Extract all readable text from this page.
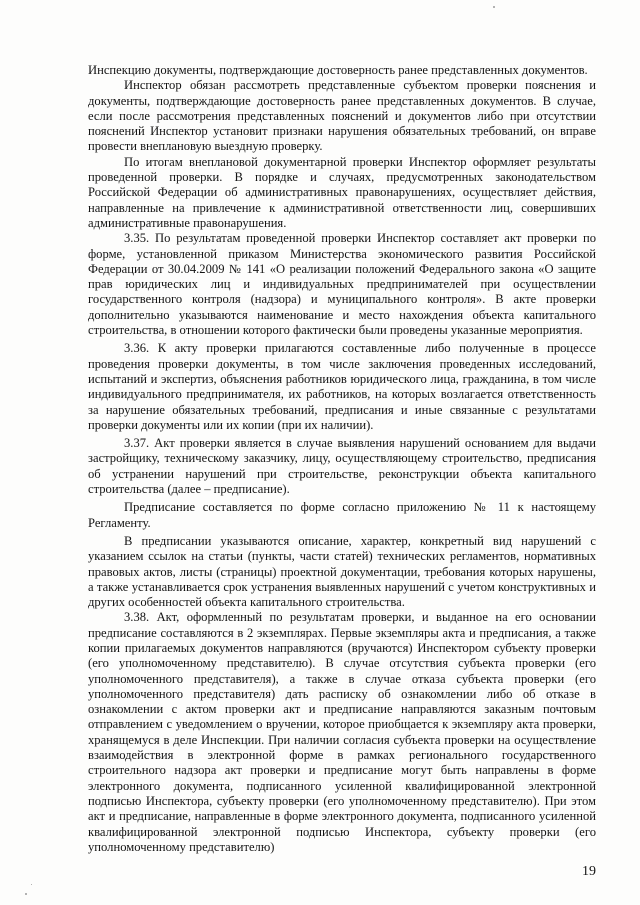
Инспекцию документы, подтверждающие достоверность ранее представленных документов.

Инспектор обязан рассмотреть представленные субъектом проверки пояснения и документы, подтверждающие достоверность ранее представленных документов. В случае, если после рассмотрения представленных пояснений и документов либо при отсутствии пояснений Инспектор установит признаки нарушения обязательных требований, он вправе провести внеплановую выездную проверку.

По итогам внеплановой документарной проверки Инспектор оформляет результаты проведенной проверки. В порядке и случаях, предусмотренных законодательством Российской Федерации об административных правонарушениях, осуществляет действия, направленные на привлечение к административной ответственности лиц, совершивших административные правонарушения.

3.35. По результатам проведенной проверки Инспектор составляет акт проверки по форме, установленной приказом Министерства экономического развития Российской Федерации от 30.04.2009 № 141 «О реализации положений Федерального закона «О защите прав юридических лиц и индивидуальных предпринимателей при осуществлении государственного контроля (надзора) и муниципального контроля». В акте проверки дополнительно указываются наименование и место нахождения объекта капитального строительства, в отношении которого фактически были проведены указанные мероприятия.

3.36. К акту проверки прилагаются составленные либо полученные в процессе проведения проверки документы, в том числе заключения проведенных исследований, испытаний и экспертиз, объяснения работников юридического лица, гражданина, в том числе индивидуального предпринимателя, их работников, на которых возлагается ответственность за нарушение обязательных требований, предписания и иные связанные с результатами проверки документы или их копии (при их наличии).

3.37. Акт проверки является в случае выявления нарушений основанием для выдачи застройщику, техническому заказчику, лицу, осуществляющему строительство, предписания об устранении нарушений при строительстве, реконструкции объекта капитального строительства (далее – предписание).

Предписание составляется по форме согласно приложению № 11 к настоящему Регламенту.

В предписании указываются описание, характер, конкретный вид нарушений с указанием ссылок на статьи (пункты, части статей) технических регламентов, нормативных правовых актов, листы (страницы) проектной документации, требования которых нарушены, а также устанавливается срок устранения выявленных нарушений с учетом конструктивных и других особенностей объекта капитального строительства.

3.38. Акт, оформленный по результатам проверки, и выданное на его основании предписание составляются в 2 экземплярах. Первые экземпляры акта и предписания, а также копии прилагаемых документов направляются (вручаются) Инспектором субъекту проверки (его уполномоченному представителю). В случае отсутствия субъекта проверки (его уполномоченного представителя), а также в случае отказа субъекта проверки (его уполномоченного представителя) дать расписку об ознакомлении либо об отказе в ознакомлении с актом проверки акт и предписание направляются заказным почтовым отправлением с уведомлением о вручении, которое приобщается к экземпляру акта проверки, хранящемуся в деле Инспекции. При наличии согласия субъекта проверки на осуществление взаимодействия в электронной форме в рамках регионального государственного строительного надзора акт проверки и предписание могут быть направлены в форме электронного документа, подписанного усиленной квалифицированной электронной подписью Инспектора, субъекту проверки (его уполномоченному представителю). При этом акт и предписание, направленные в форме электронного документа, подписанного усиленной квалифицированной электронной подписью Инспектора, субъекту проверки (его уполномоченному представителю)

19
